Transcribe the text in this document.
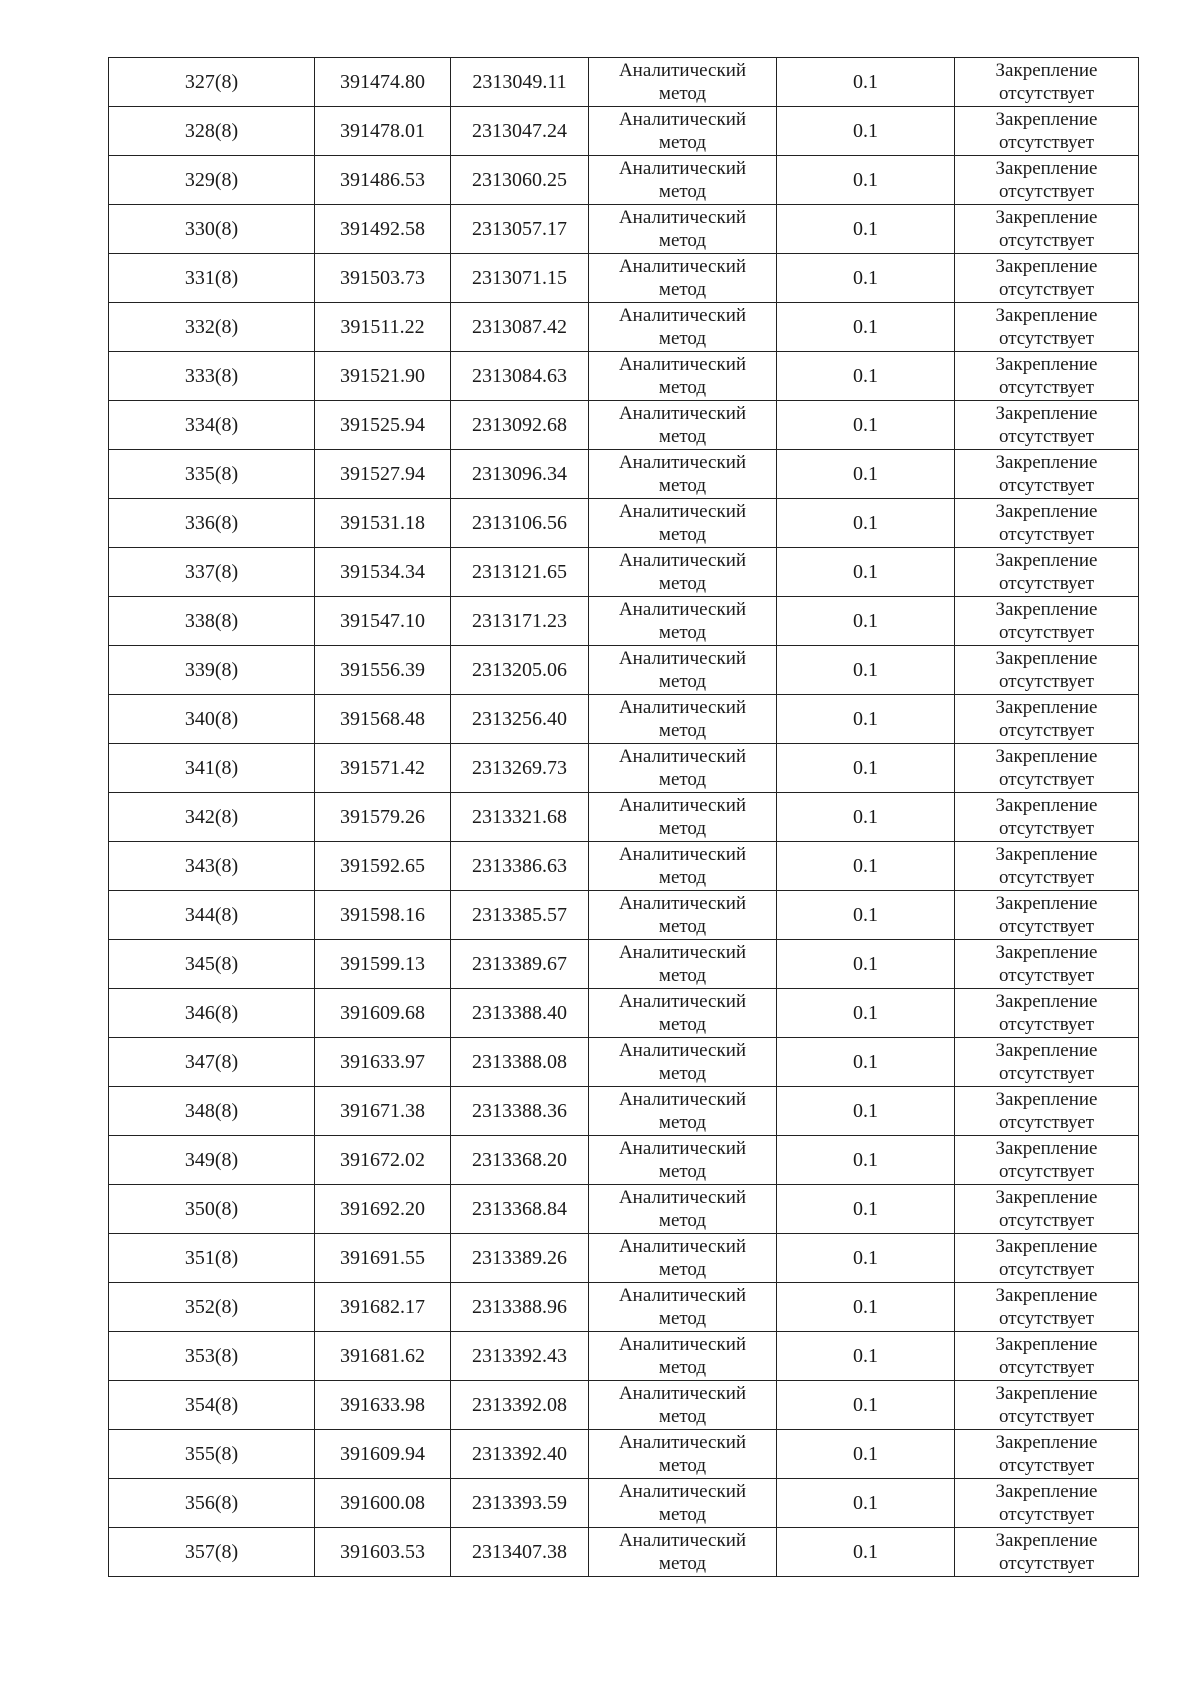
327(8)	391474.80	2313049.11	Аналитический
метод	0.1	Закрепление
отсутствует

328(8)	391478.01	2313047.24	Аналитический
метод	0.1	Закрепление
отсутствует

329(8)	391486.53	2313060.25	Аналитический
метод	0.1	Закрепление
отсутствует

330(8)	391492.58	2313057.17	Аналитический
метод	0.1	Закрепление
отсутствует

331(8)	391503.73	2313071.15	Аналитический
метод	0.1	Закрепление
отсутствует

332(8)	391511.22	2313087.42	Аналитический
метод	0.1	Закрепление
отсутствует

333(8)	391521.90	2313084.63	Аналитический
метод	0.1	Закрепление
отсутствует

334(8)	391525.94	2313092.68	Аналитический
метод	0.1	Закрепление
отсутствует

335(8)	391527.94	2313096.34	Аналитический
метод	0.1	Закрепление
отсутствует

336(8)	391531.18	2313106.56	Аналитический
метод	0.1	Закрепление
отсутствует

337(8)	391534.34	2313121.65	Аналитический
метод	0.1	Закрепление
отсутствует

338(8)	391547.10	2313171.23	Аналитический
метод	0.1	Закрепление
отсутствует

339(8)	391556.39	2313205.06	Аналитический
метод	0.1	Закрепление
отсутствует

340(8)	391568.48	2313256.40	Аналитический
метод	0.1	Закрепление
отсутствует

341(8)	391571.42	2313269.73	Аналитический
метод	0.1	Закрепление
отсутствует

342(8)	391579.26	2313321.68	Аналитический
метод	0.1	Закрепление
отсутствует

343(8)	391592.65	2313386.63	Аналитический
метод	0.1	Закрепление
отсутствует

344(8)	391598.16	2313385.57	Аналитический
метод	0.1	Закрепление
отсутствует

345(8)	391599.13	2313389.67	Аналитический
метод	0.1	Закрепление
отсутствует

346(8)	391609.68	2313388.40	Аналитический
метод	0.1	Закрепление
отсутствует

347(8)	391633.97	2313388.08	Аналитический
метод	0.1	Закрепление
отсутствует

348(8)	391671.38	2313388.36	Аналитический
метод	0.1	Закрепление
отсутствует

349(8)	391672.02	2313368.20	Аналитический
метод	0.1	Закрепление
отсутствует

350(8)	391692.20	2313368.84	Аналитический
метод	0.1	Закрепление
отсутствует

351(8)	391691.55	2313389.26	Аналитический
метод	0.1	Закрепление
отсутствует

352(8)	391682.17	2313388.96	Аналитический
метод	0.1	Закрепление
отсутствует

353(8)	391681.62	2313392.43	Аналитический
метод	0.1	Закрепление
отсутствует

354(8)	391633.98	2313392.08	Аналитический
метод	0.1	Закрепление
отсутствует

355(8)	391609.94	2313392.40	Аналитический
метод	0.1	Закрепление
отсутствует

356(8)	391600.08	2313393.59	Аналитический
метод	0.1	Закрепление
отсутствует

357(8)	391603.53	2313407.38	Аналитический
метод	0.1	Закрепление
отсутствует
